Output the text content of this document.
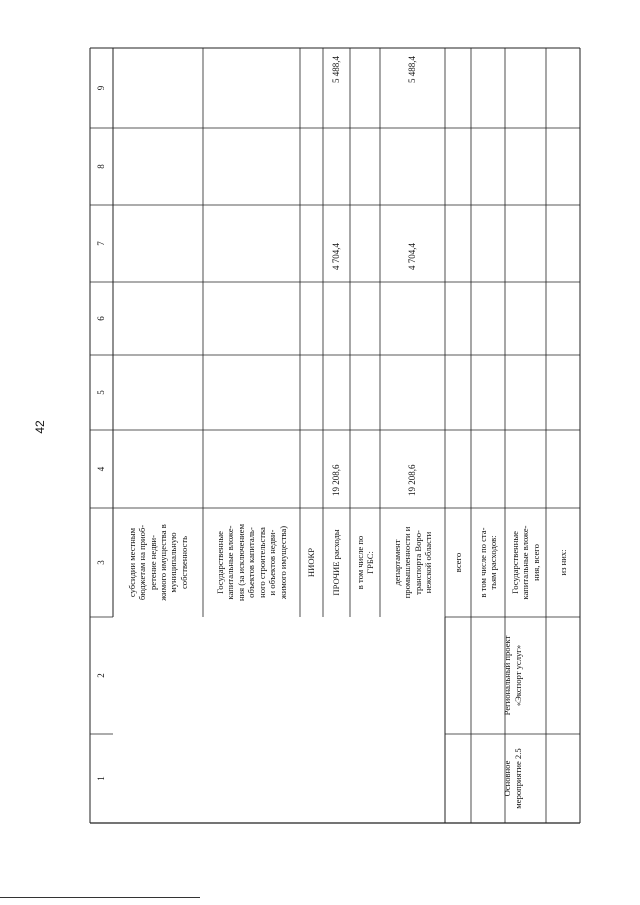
42
1
2
3
4
5
6
7
8
9
субсидии местным бюджетам на приоб- ретение недви- жимого имущества в муниципальную собственность	Государственные капитальные вложе- ния (за исключением объектов капиталь- ного строительства и объектов недви- жимого имущества) НИОКР ПРОЧИЕ расходы
19 208,6
4 704,4
5 488,4
в том числе по ГРБС: департамент промышленности и транспорта Воро- нежской области
19 208,6
4 704,4
5 488,4
Основное мероприятие 2.5
Региональный проект «Экспорт услуг»
всего в том числе по ста- тьям расходов: Государственные капитальные вложе- ния, всего из них:
